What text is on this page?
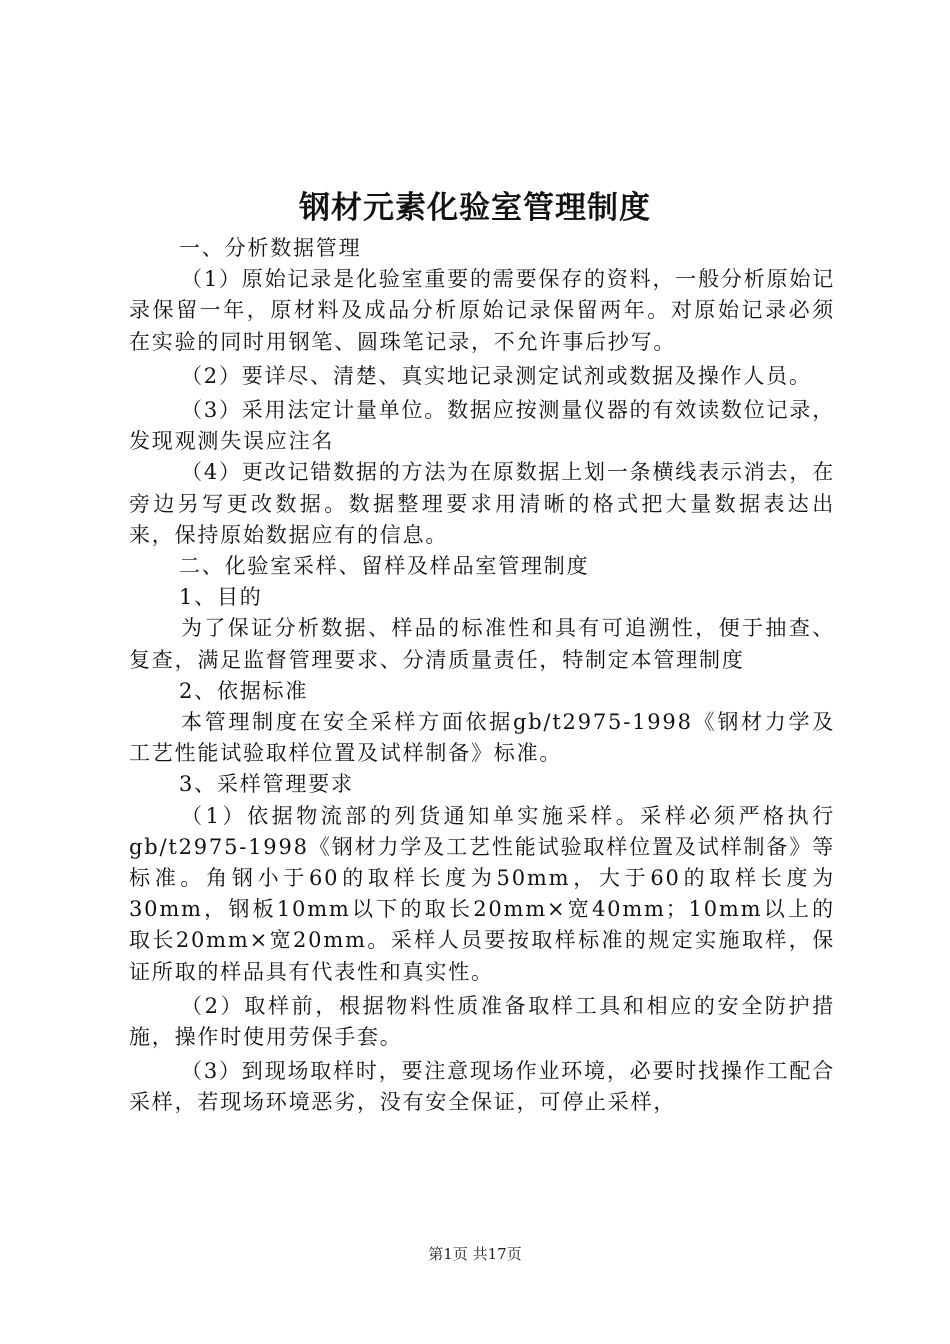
钢材元素化验室管理制度

一、分析数据管理

（1）原始记录是化验室重要的需要保存的资料，一般分析原始记录保留一年，原材料及成品分析原始记录保留两年。对原始记录必须在实验的同时用钢笔、圆珠笔记录，不允许事后抄写。

（2）要详尽、清楚、真实地记录测定试剂或数据及操作人员。

（3）采用法定计量单位。数据应按测量仪器的有效读数位记录，发现观测失误应注名

（4）更改记错数据的方法为在原数据上划一条横线表示消去，在旁边另写更改数据。数据整理要求用清晰的格式把大量数据表达出来，保持原始数据应有的信息。

二、化验室采样、留样及样品室管理制度

1、目的

为了保证分析数据、样品的标准性和具有可追溯性，便于抽查、复查，满足监督管理要求、分清质量责任，特制定本管理制度

2、依据标准

本管理制度在安全采样方面依据gb/t2975-1998《钢材力学及工艺性能试验取样位置及试样制备》标准。

3、采样管理要求

（1）依据物流部的列货通知单实施采样。采样必须严格执行gb/t2975-1998《钢材力学及工艺性能试验取样位置及试样制备》等标准。角钢小于60的取样长度为50mm，大于60的取样长度为30mm，钢板10mm以下的取长20mm×宽40mm；10mm以上的取长20mm×宽20mm。采样人员要按取样标准的规定实施取样，保证所取的样品具有代表性和真实性。

（2）取样前，根据物料性质准备取样工具和相应的安全防护措施，操作时使用劳保手套。

（3）到现场取样时，要注意现场作业环境，必要时找操作工配合采样，若现场环境恶劣，没有安全保证，可停止采样，

第1页 共17页
